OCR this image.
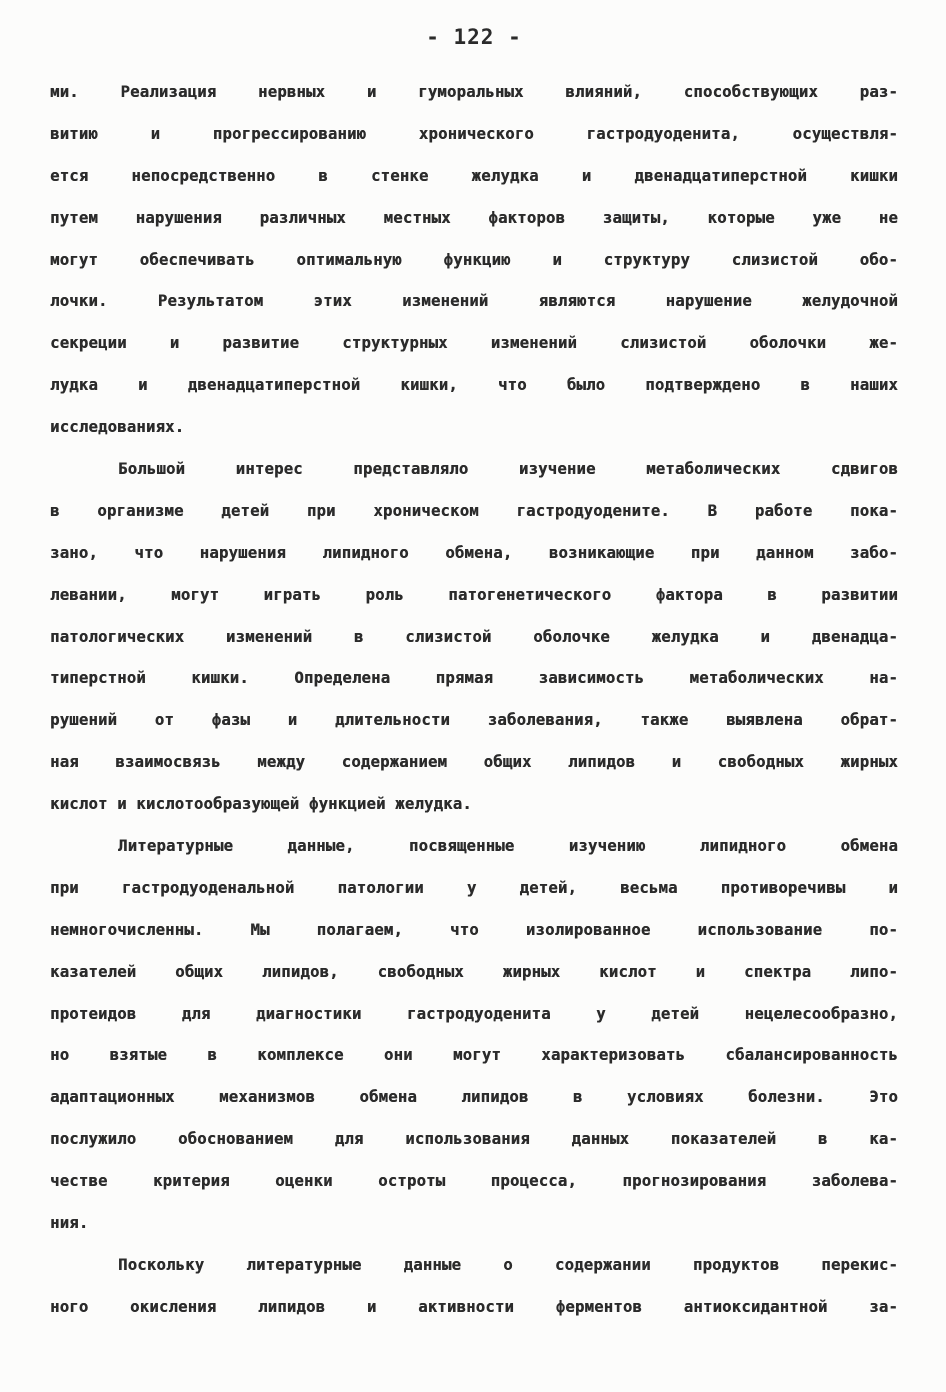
- 122 -
ми. Реализация нервных и гуморальных влияний, способствующих раз-
витию и прогрессированию хронического гастродуоденита, осуществля-
ется непосредственно в стенке желудка и двенадцатиперстной кишки
путем нарушения различных местных факторов защиты, которые уже не
могут обеспечивать оптимальную функцию и структуру слизистой обо-
лочки. Результатом этих изменений являются нарушение желудочной
секреции и развитие структурных изменений слизистой оболочки же-
лудка и двенадцатиперстной кишки, что было подтверждено в наших
исследованиях.
Большой интерес представляло изучение метаболических сдвигов
в организме детей при хроническом гастродуодените. В работе пока-
зано, что нарушения липидного обмена, возникающие при данном забо-
левании, могут играть роль патогенетического фактора в развитии
патологических изменений в слизистой оболочке желудка и двенадца-
типерстной кишки. Определена прямая зависимость метаболических на-
рушений от фазы и длительности заболевания, также выявлена обрат-
ная взаимосвязь между содержанием общих липидов и свободных жирных
кислот и кислотообразующей функцией желудка.
Литературные данные, посвященные изучению липидного обмена
при гастродуоденальной патологии у детей, весьма противоречивы и
немногочисленны. Мы полагаем, что изолированное использование по-
казателей общих липидов, свободных жирных кислот и спектра липо-
протеидов для диагностики гастродуоденита у детей нецелесообразно,
но взятые в комплексе они могут характеризовать сбалансированность
адаптационных механизмов обмена липидов в условиях болезни. Это
послужило обоснованием для использования данных показателей в ка-
честве критерия оценки остроты процесса, прогнозирования заболева-
ния.
Поскольку литературные данные о содержании продуктов перекис-
ного окисления липидов и активности ферментов антиоксидантной за-
